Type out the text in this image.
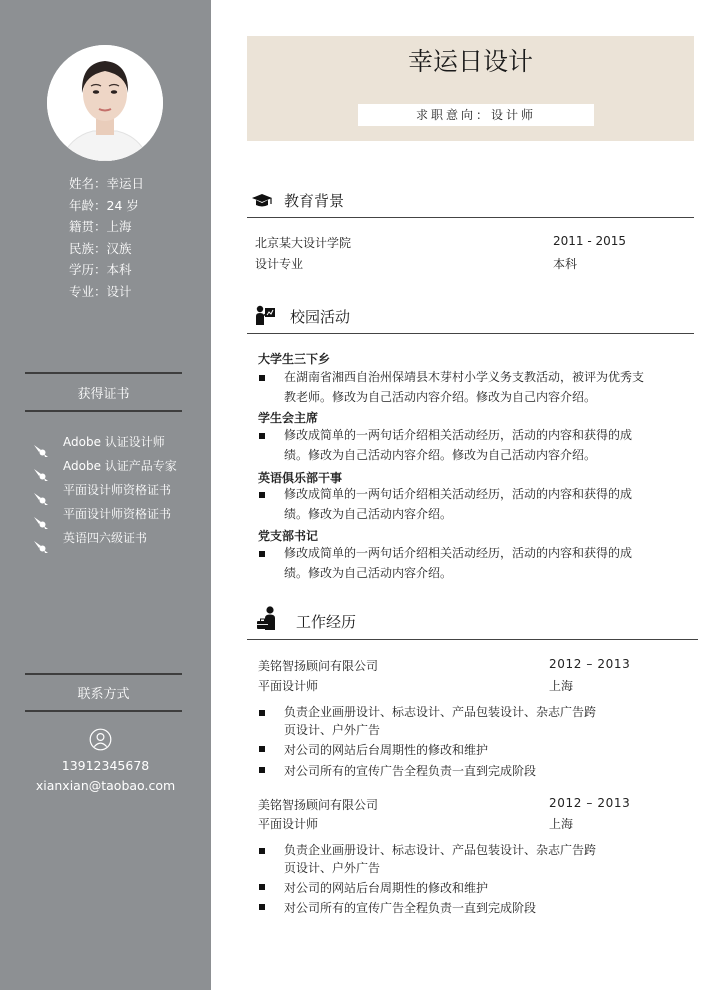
姓名：幸运日
年龄：24 岁
籍贯：上海
民族：汉族
学历：本科
专业：设计
获得证书
Adobe 认证设计师
Adobe 认证产品专家
平面设计师资格证书
平面设计师资格证书
英语四六级证书
联系方式
13912345678
xianxian@taobao.com
幸运日设计
求职意向：设计师
教育背景
北京某大设计学院	2011 - 2015
设计专业	本科
校园活动
大学生三下乡
在湖南省湘西自治州保靖县木芽村小学义务支教活动，被评为优秀支教老师。修改为自己活动内容介绍。修改为自己内容介绍。
学生会主席
修改成简单的一两句话介绍相关活动经历，活动的内容和获得的成绩。修改为自己活动内容介绍。修改为自己活动内容介绍。
英语俱乐部干事
修改成简单的一两句话介绍相关活动经历，活动的内容和获得的成绩。修改为自己活动内容介绍。
党支部书记
修改成简单的一两句话介绍相关活动经历，活动的内容和获得的成绩。修改为自己活动内容介绍。
工作经历
美铭智扬顾问有限公司	2012 – 2013
平面设计师	上海
负责企业画册设计、标志设计、产品包装设计、杂志广告跨页设计、户外广告
对公司的网站后台周期性的修改和维护
对公司所有的宣传广告全程负责一直到完成阶段
美铭智扬顾问有限公司	2012 – 2013
平面设计师	上海
负责企业画册设计、标志设计、产品包装设计、杂志广告跨页设计、户外广告
对公司的网站后台周期性的修改和维护
对公司所有的宣传广告全程负责一直到完成阶段
